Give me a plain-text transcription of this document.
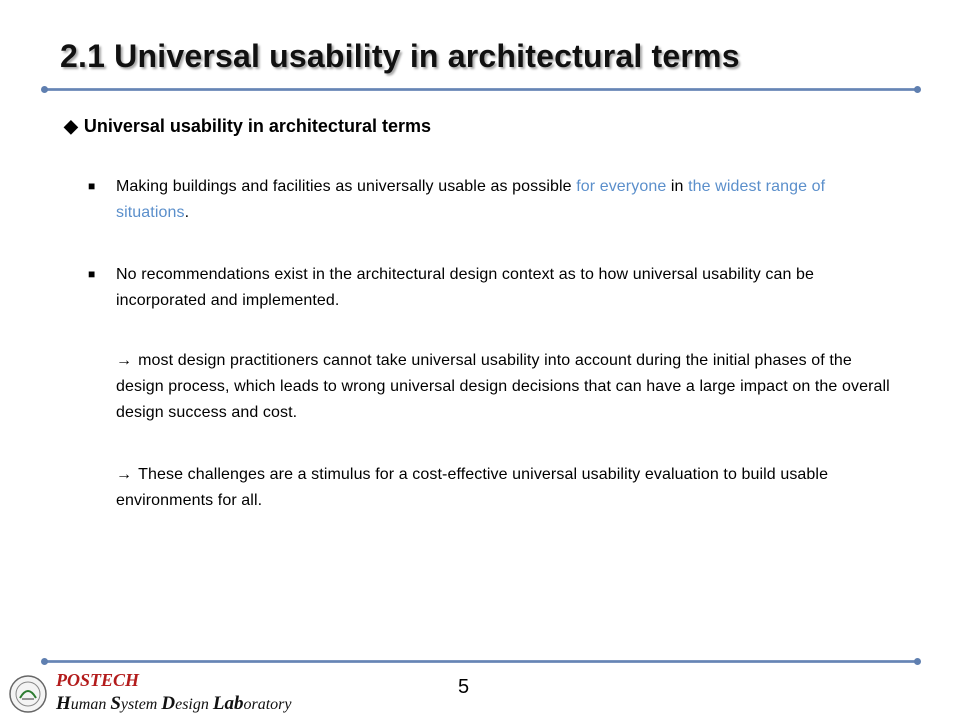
2.1 Universal usability in architectural terms
◆ Universal usability in architectural terms
■ Making buildings and facilities as universally usable as possible for everyone in the widest range of situations.
■ No recommendations exist in the architectural design context as to how universal usability can be incorporated and implemented.
→ most design practitioners cannot take universal usability into account during the initial phases of the design process, which leads to wrong universal design decisions that can have a large impact on the overall design success and cost.
→ These challenges are a stimulus for a cost-effective universal usability evaluation to build usable environments for all.
POSTECH
Human System Design Laboratory
5
